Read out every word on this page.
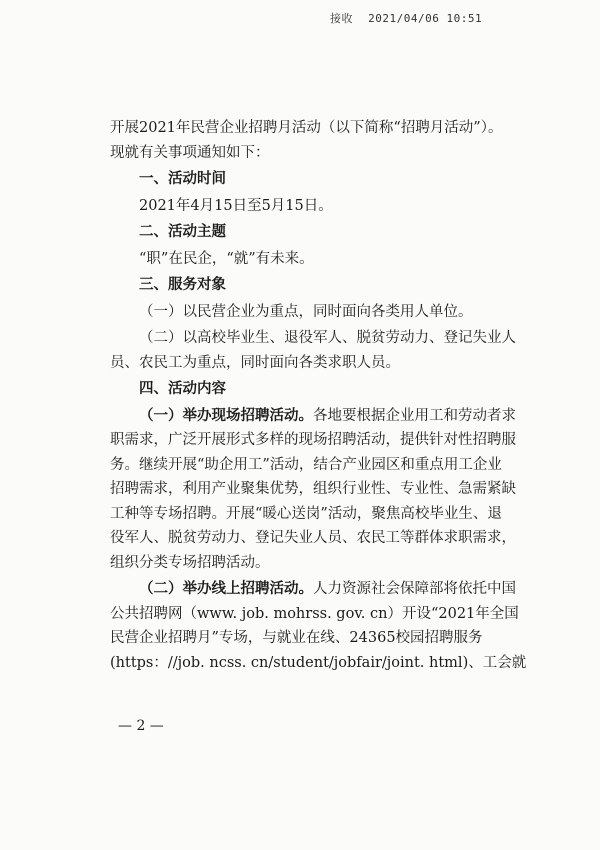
接收 2021/04/06 10:51
开展2021年民营企业招聘月活动（以下简称“招聘月活动”）。
现就有关事项通知如下：
一、活动时间
2021年4月15日至5月15日。
二、活动主题
“职”在民企，“就”有未来。
三、服务对象
（一）以民营企业为重点，同时面向各类用人单位。
（二）以高校毕业生、退役军人、脱贫劳动力、登记失业人
员、农民工为重点，同时面向各类求职人员。
四、活动内容
（一）举办现场招聘活动。各地要根据企业用工和劳动者求
职需求，广泛开展形式多样的现场招聘活动，提供针对性招聘服
务。继续开展“助企用工”活动，结合产业园区和重点用工企业
招聘需求，利用产业聚集优势，组织行业性、专业性、急需紧缺
工种等专场招聘。开展“暖心送岗”活动，聚焦高校毕业生、退
役军人、脱贫劳动力、登记失业人员、农民工等群体求职需求，
组织分类专场招聘活动。
（二）举办线上招聘活动。人力资源社会保障部将依托中国
公共招聘网（www. job. mohrss. gov. cn）开设“2021年全国
民营企业招聘月”专场，与就业在线、24365校园招聘服务
(https：//job. ncss. cn/student/jobfair/joint. html)、工会就
— 2 —
